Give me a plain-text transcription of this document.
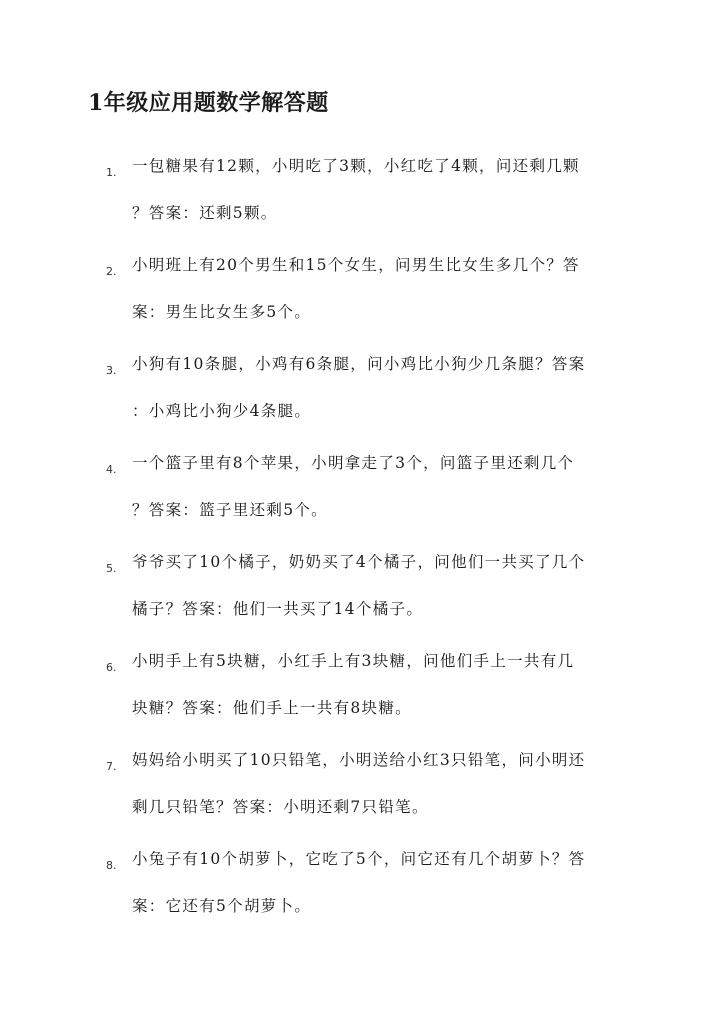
1年级应用题数学解答题
1. 一包糖果有12颗，小明吃了3颗，小红吃了4颗，问还剩几颗
？答案：还剩5颗。
2. 小明班上有20个男生和15个女生，问男生比女生多几个？答
案：男生比女生多5个。
3. 小狗有10条腿，小鸡有6条腿，问小鸡比小狗少几条腿？答案
：小鸡比小狗少4条腿。
4. 一个篮子里有8个苹果，小明拿走了3个，问篮子里还剩几个
？答案：篮子里还剩5个。
5. 爷爷买了10个橘子，奶奶买了4个橘子，问他们一共买了几个
橘子？答案：他们一共买了14个橘子。
6. 小明手上有5块糖，小红手上有3块糖，问他们手上一共有几
块糖？答案：他们手上一共有8块糖。
7. 妈妈给小明买了10只铅笔，小明送给小红3只铅笔，问小明还
剩几只铅笔？答案：小明还剩7只铅笔。
8. 小兔子有10个胡萝卜，它吃了5个，问它还有几个胡萝卜？答
案：它还有5个胡萝卜。
